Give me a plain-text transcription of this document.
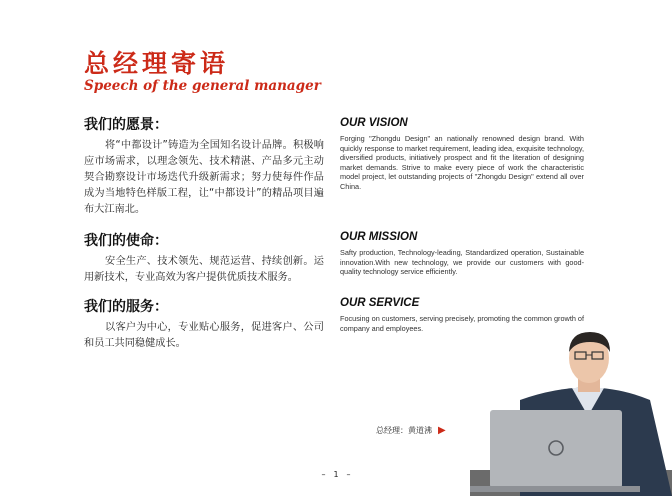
总经理寄语
Speech of the general manager
我们的愿景：

将“中都设计”铸造为全国知名设计品牌。积极响应市场需求，以理念领先、技术精湛、产品多元主动契合勘察设计市场迭代升级新需求；努力使每件作品成为当地特色样版工程，让“中都设计”的精品项目遍布大江南北。

我们的使命：

安全生产、技术领先、规范运营、持续创新。运用新技术，专业高效为客户提供优质技术服务。

我们的服务：

以客户为中心，专业贴心服务，促进客户、公司和员工共同稳健成长。

OUR VISION

Forging "Zhongdu Design" an nationally renowned design brand. With quickly response to market requirement, leading idea, exquisite technology, diversified products, initiatively prospect and fit the literation of designing market demands. Strive to make every piece of work the characteristic model project, let outstanding projects of "Zhongdu Design" extend all over China.

OUR MISSION

Safty production, Technology-leading, Standardized operation, Sustainable innovation.With new technology, we provide our customers with good-quality technology service efficiently.

OUR SERVICE

Focusing on customers, serving precisely, promoting the common growth of company and employees.

总经理：黄道沸 ▶
– 1 –
